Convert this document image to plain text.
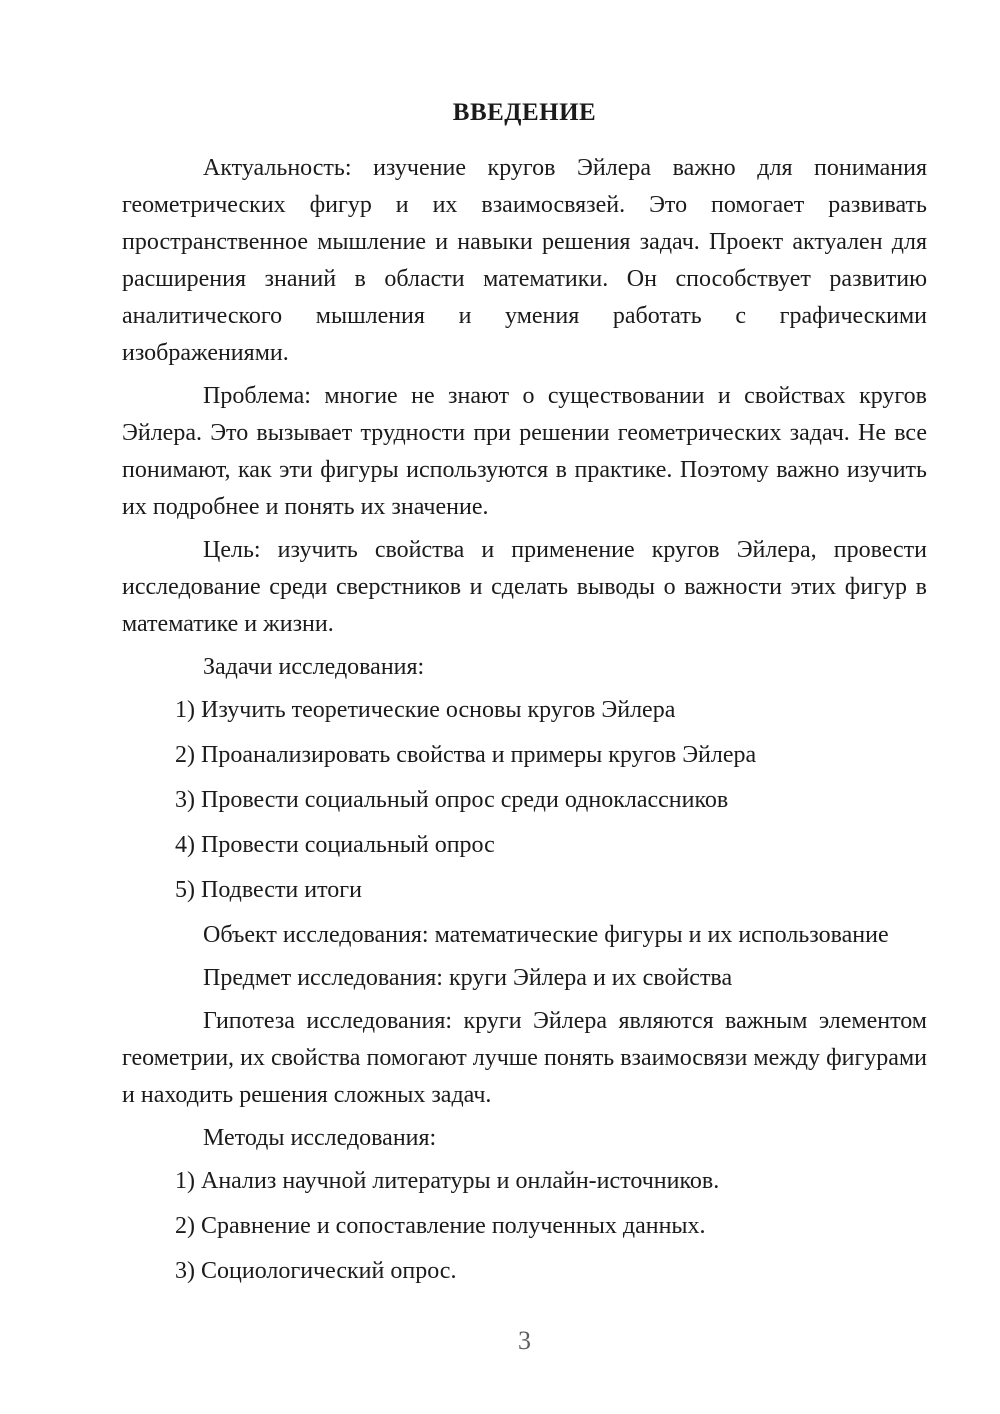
ВВЕДЕНИЕ

Актуальность: изучение кругов Эйлера важно для понимания геометрических фигур и их взаимосвязей. Это помогает развивать пространственное мышление и навыки решения задач. Проект актуален для расширения знаний в области математики. Он способствует развитию аналитического мышления и умения работать с графическими изображениями.

Проблема: многие не знают о существовании и свойствах кругов Эйлера. Это вызывает трудности при решении геометрических задач. Не все понимают, как эти фигуры используются в практике. Поэтому важно изучить их подробнее и понять их значение.

Цель: изучить свойства и применение кругов Эйлера, провести исследование среди сверстников и сделать выводы о важности этих фигур в математике и жизни.

Задачи исследования:

1) Изучить теоретические основы кругов Эйлера

2) Проанализировать свойства и примеры кругов Эйлера

3) Провести социальный опрос среди одноклассников

4) Провести социальный опрос

5) Подвести итоги

Объект исследования: математические фигуры и их использование

Предмет исследования: круги Эйлера и их свойства

Гипотеза исследования: круги Эйлера являются важным элементом геометрии, их свойства помогают лучше понять взаимосвязи между фигурами и находить решения сложных задач.

Методы исследования:

1) Анализ научной литературы и онлайн-источников.

2) Сравнение и сопоставление полученных данных.

3) Социологический опрос.

3
